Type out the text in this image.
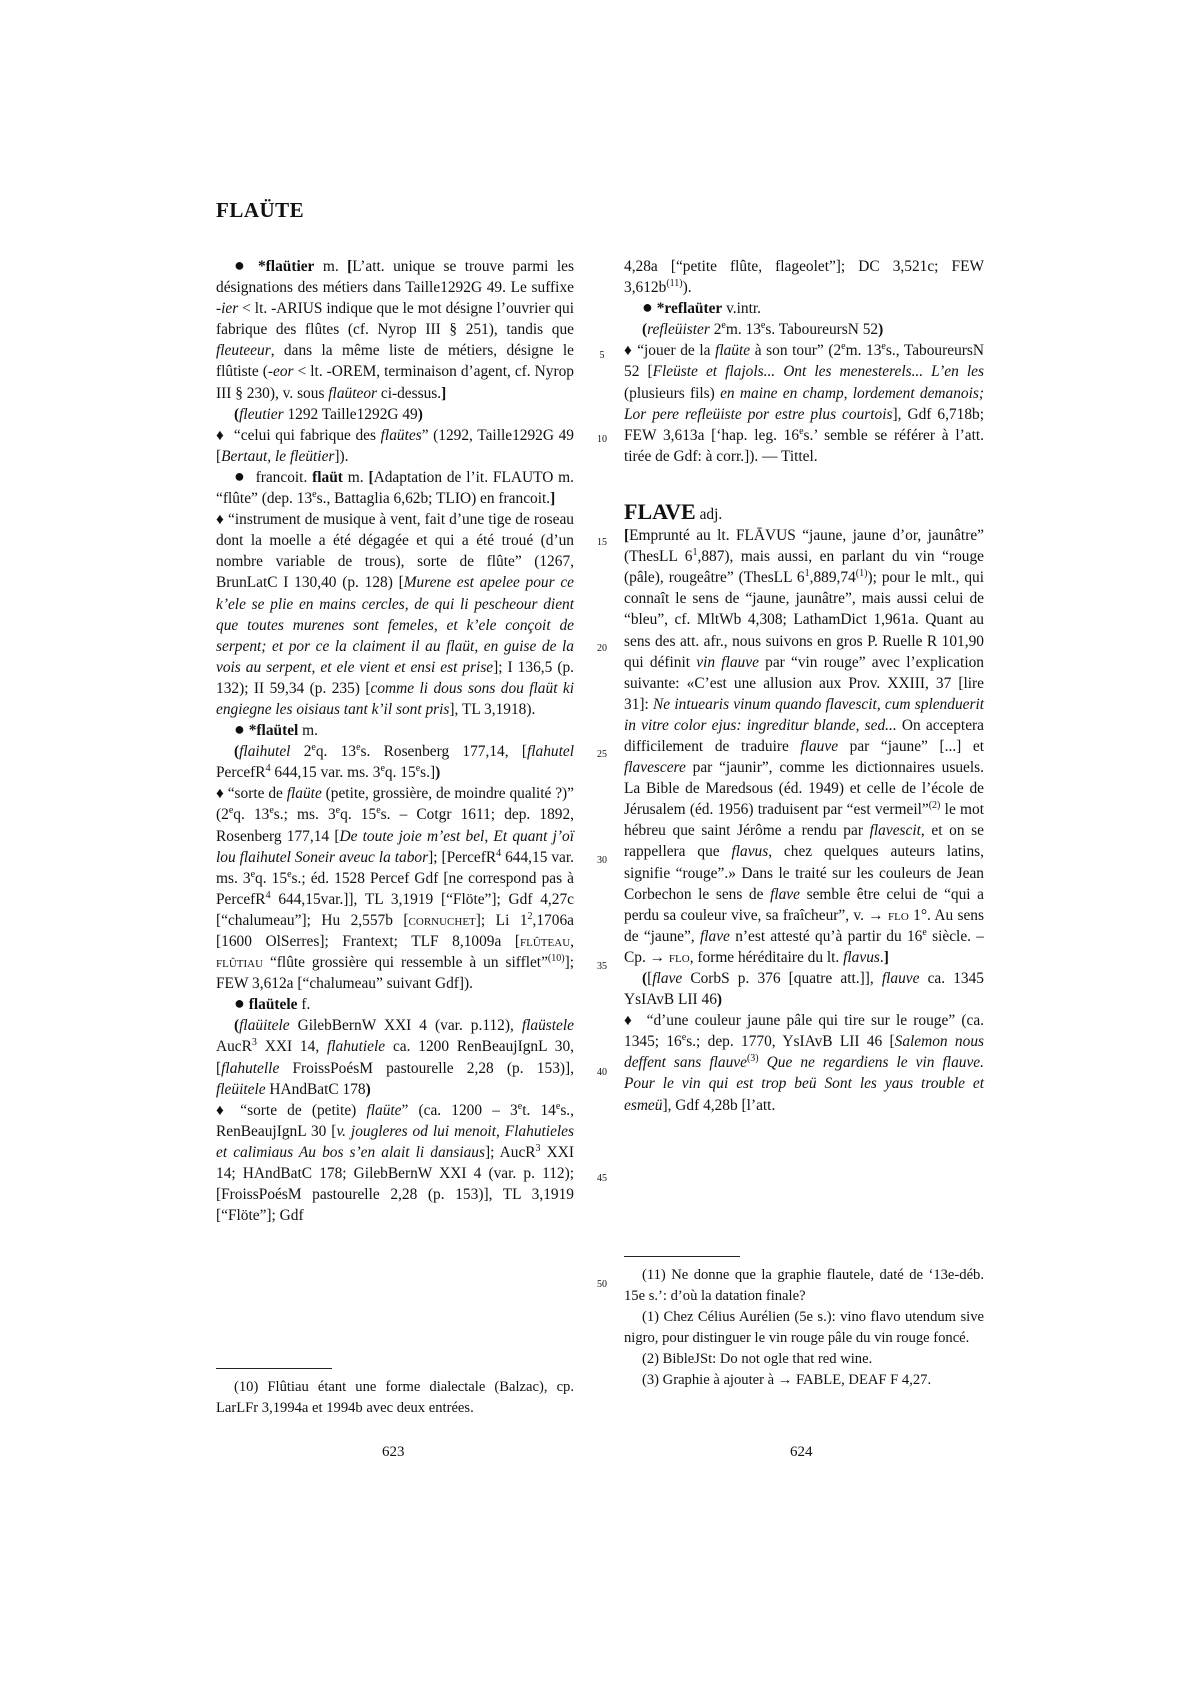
FLAÜTE

● *flaütier m. [L’att. unique se trouve parmi les désignations des métiers dans Taille1292G 49. Le suffixe -ier < lt. -ARIUS indique que le mot désigne l’ouvrier qui fabrique des flûtes (cf. Nyrop III § 251), tandis que fleuteeur, dans la même liste de métiers, désigne le flûtiste (-eor < lt. -OREM, terminaison d’agent, cf. Nyrop III § 230), v. sous flaüteor ci-dessus.]

(fleutier 1292 Taille1292G 49)

♦  “celui qui fabrique des flaütes” (1292, Taille1292G 49 [Bertaut, le fleütier]).

●  francoit. flaüt m. [Adaptation de l’it. FLAUTO m. “flûte” (dep. 13es., Battaglia 6,62b; TLIO) en francoit.]

♦ “instrument de musique à vent, fait d’une tige de roseau dont la moelle a été dégagée et qui a été troué (d’un nombre variable de trous), sorte de flûte” (1267, BrunLatC I 130,40 (p. 128) [Murene est apelee pour ce k’ele se plie en mains cercles, de qui li pescheour dient que toutes murenes sont femeles, et k’ele conçoit de serpent; et por ce la claiment il au flaüt, en guise de la vois au serpent, et ele vient et ensi est prise]; I 136,5 (p. 132); II 59,34 (p. 235) [comme li dous sons dou flaüt ki engiegne les oisiaus tant k’il sont pris], TL 3,1918).

● *flaütel m.

(flaihutel 2eq. 13es. Rosenberg 177,14, [flahutel PercefR$^4$ 644,15 var. ms. 3eq. 15es.])

♦ “sorte de flaüte (petite, grossière, de moindre qualité ?)” (2eq. 13es.; ms. 3eq. 15es. – Cotgr 1611; dep. 1892, Rosenberg 177,14 [De toute joie m’est bel, Et quant j’oï lou flaihutel Soneir aveuc la tabor]; [PercefR$^4$ 644,15 var. ms. 3eq. 15es.; éd. 1528 Percef Gdf [ne correspond pas à PercefR$^4$ 644,15var.]], TL 3,1919 [“Flöte”]; Gdf 4,27c [“chalumeau”]; Hu 2,557b [cornuchet]; Li $1^2,1706a$ [1600 OlSerres]; Frantext; TLF 8,1009a [flûteau, flûtiau “flûte grossière qui ressemble à un sifflet”$^{(10)}$]; FEW 3,612a [“chalumeau” suivant Gdf]).

● flaütele f.

(flaüitele GilebBernW XXI 4 (var. p.112), flaüstele AucR$^3$ XXI 14, flahutiele ca. 1200 RenBeaujIgnL 30, [flahutelle FroissPoésM pastourelle 2,28 (p. 153)], fleüitele HAndBatC 178)

♦ “sorte de (petite) flaüte” (ca. 1200 – 3et. 14es., RenBeaujIgnL 30 [v. jougleres od lui menoit, Flahutieles et calimiaus Au bos s’en alait li dansiaus]; AucR$^3$ XXI 14; HAndBatC 178; GilebBernW XXI 4 (var. p. 112); [FroissPoésM pastourelle 2,28 (p. 153)], TL 3,1919 [“Flöte”]; Gdf

(10) Flûtiau étant une forme dialectale (Balzac), cp. LarLFr 3,1994a et 1994b avec deux entrées.

5
10
15
20
25
30
35
40
45
50

4,28a [“petite flûte, flageolet”]; DC 3,521c; FEW $3,612b^{(11)}$).

● *reflaüter v.intr.

(refleüister 2em. 13es. TaboureursN 52)

♦ “jouer de la flaüte à son tour” (2em. 13es., TaboureursN 52 [Fleüste et flajols... Ont les menesterels... L’en les (plusieurs fils) en maine en champ, lordement demanois; Lor pere refleüiste por estre plus courtois], Gdf 6,718b; FEW 3,613a [‘hap. leg. 16es.’ semble se référer à l’att. tirée de Gdf: à corr.]). — Tittel.

FLAVE adj.

[Emprunté au lt. FLĀVUS “jaune, jaune d’or, jaunâtre” (ThesLL $6^1,887$), mais aussi, en parlant du vin “rouge (pâle), rougeâtre” (ThesLL $6^1,889,74^{(1)}$); pour le mlt., qui connaît le sens de “jaune, jaunâtre”, mais aussi celui de “bleu”, cf. MltWb 4,308; LathamDict 1,961a. Quant au sens des att. afr., nous suivons en gros P. Ruelle R 101,90 qui définit vin flauve par “vin rouge” avec l’explication suivante: «C’est une allusion aux Prov. XXIII, 37 [lire 31]: Ne intuearis vinum quando flavescit, cum splenduerit in vitre color ejus: ingreditur blande, sed... On acceptera difficilement de traduire flauve par “jaune” [...] et flavescere par “jaunir”, comme les dictionnaires usuels. La Bible de Maredsous (éd. 1949) et celle de l’école de Jérusalem (éd. 1956) traduisent par “est vermeil”$^{(2)}$ le mot hébreu que saint Jérôme a rendu par flavescit, et on se rappellera que flavus, chez quelques auteurs latins, signifie “rouge”.» Dans le traité sur les couleurs de Jean Corbechon le sens de flave semble être celui de “qui a perdu sa couleur vive, sa fraîcheur”, v. → flo 1°. Au sens de “jaune”, flave n’est attesté qu’à partir du 16e siècle. – Cp. → flo, forme héréditaire du lt. flavus.]

([flave CorbS p. 376 [quatre att.]], flauve ca. 1345 YsIAvB LII 46)

♦  “d’une couleur jaune pâle qui tire sur le rouge” (ca. 1345; 16es.; dep. 1770, YsIAvB LII 46 [Salemon nous deffent sans flauve$^{(3)}$ Que ne regardiens le vin flauve. Pour le vin qui est trop beü Sont les yaus trouble et esmeü], Gdf 4,28b [l’att.

(11) Ne donne que la graphie flautele, daté de ‘13e-déb. 15e s.’: d’où la datation finale?

(1) Chez Célius Aurélien (5e s.): vino flavo utendum sive nigro, pour distinguer le vin rouge pâle du vin rouge foncé.

(2) BibleJSt: Do not ogle that red wine.

(3) Graphie à ajouter à → FABLE, DEAF F 4,27.

623	624
